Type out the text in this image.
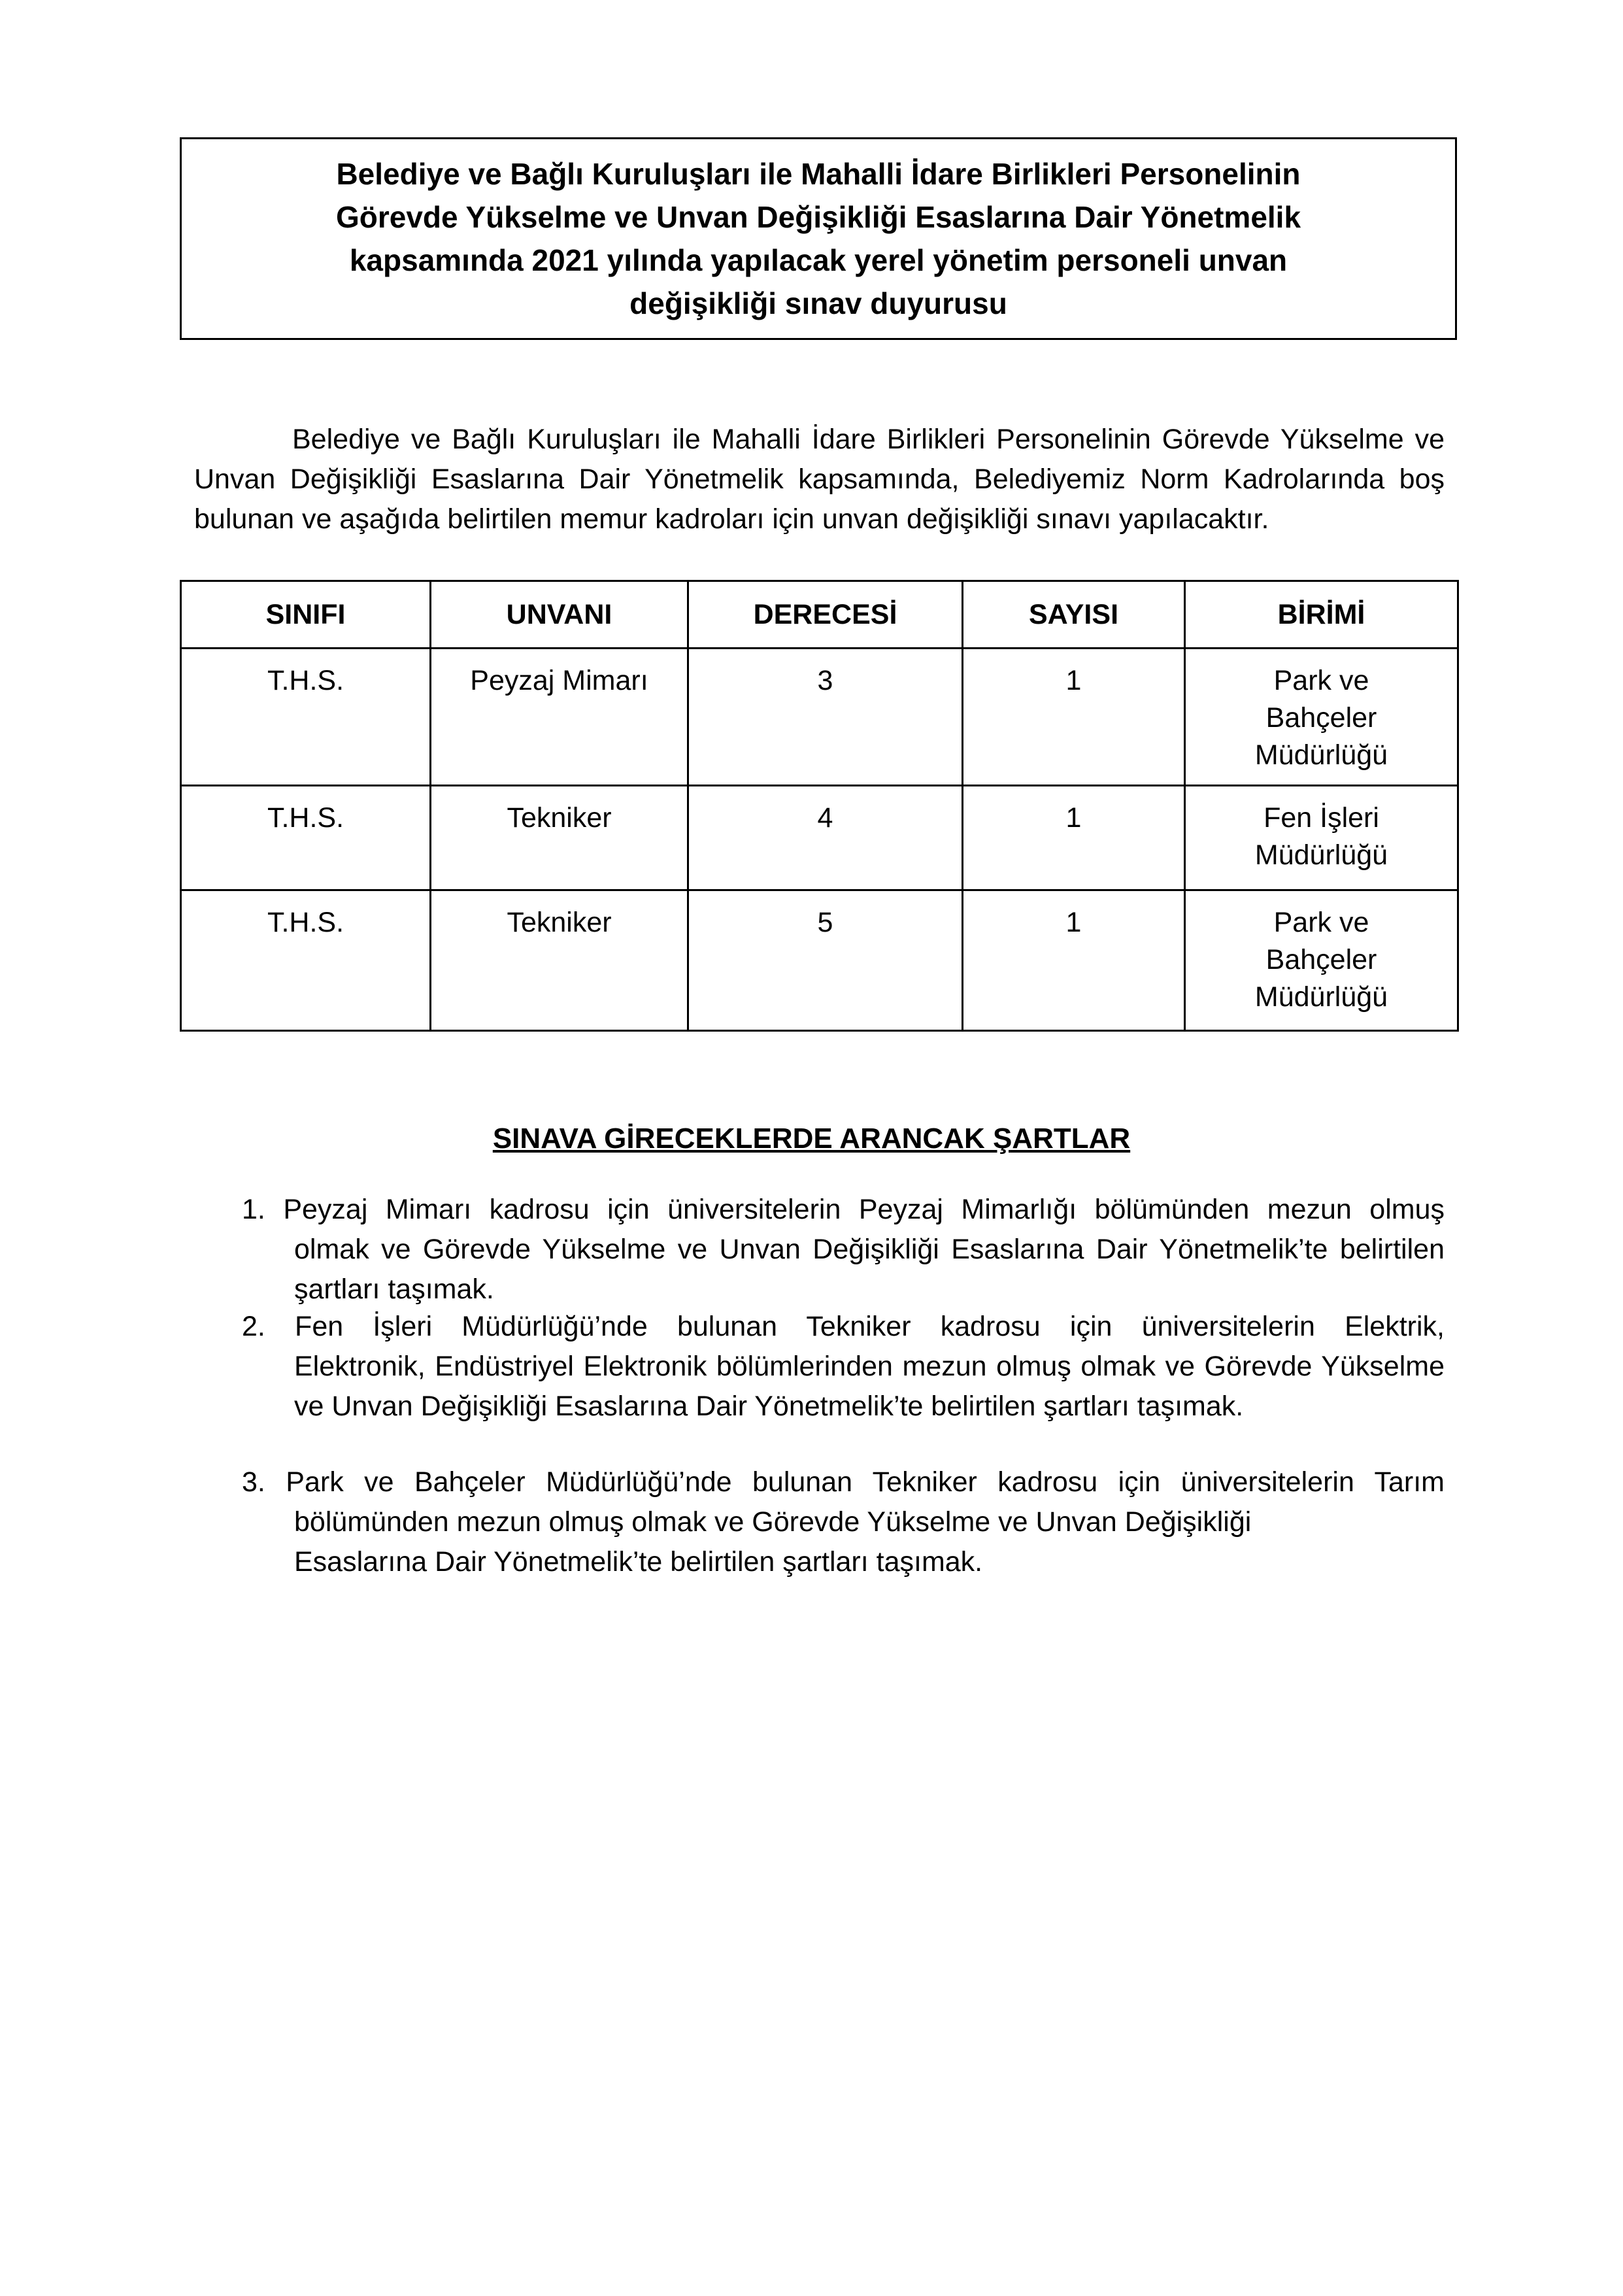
Belediye ve Bağlı Kuruluşları ile Mahalli İdare Birlikleri Personelinin
Görevde Yükselme ve Unvan Değişikliği Esaslarına Dair Yönetmelik
kapsamında 2021 yılında yapılacak yerel yönetim personeli unvan
değişikliği sınav duyurusu

Belediye ve Bağlı Kuruluşları ile Mahalli İdare Birlikleri Personelinin Görevde Yükselme ve Unvan Değişikliği Esaslarına Dair Yönetmelik kapsamında, Belediyemiz Norm Kadrolarında boş bulunan ve aşağıda belirtilen memur kadroları için unvan değişikliği sınavı yapılacaktır.

SINIFI	UNVANI	DERECESİ	SAYISI	BİRİMİ
T.H.S.	Peyzaj Mimarı	3	1	Park ve
Bahçeler
Müdürlüğü

T.H.S.	Tekniker	4	1	Fen İşleri
Müdürlüğü

T.H.S.	Tekniker	5	1	Park ve
Bahçeler
Müdürlüğü
SINAVA GİRECEKLERDE ARANCAK ŞARTLAR
1. Peyzaj Mimarı kadrosu için üniversitelerin Peyzaj Mimarlığı bölümünden mezun olmuş
olmak ve Görevde Yükselme ve Unvan Değişikliği Esaslarına Dair Yönetmelik’te belirtilen şartları taşımak.
2. Fen İşleri Müdürlüğü’nde bulunan Tekniker kadrosu için üniversitelerin Elektrik,
Elektronik, Endüstriyel Elektronik bölümlerinden mezun olmuş olmak ve Görevde Yükselme ve Unvan Değişikliği Esaslarına Dair Yönetmelik’te belirtilen şartları taşımak.
3. Park ve Bahçeler Müdürlüğü’nde bulunan Tekniker kadrosu için üniversitelerin Tarım
bölümünden mezun olmuş olmak ve Görevde Yükselme ve Unvan Değişikliği
Esaslarına Dair Yönetmelik’te belirtilen şartları taşımak.
